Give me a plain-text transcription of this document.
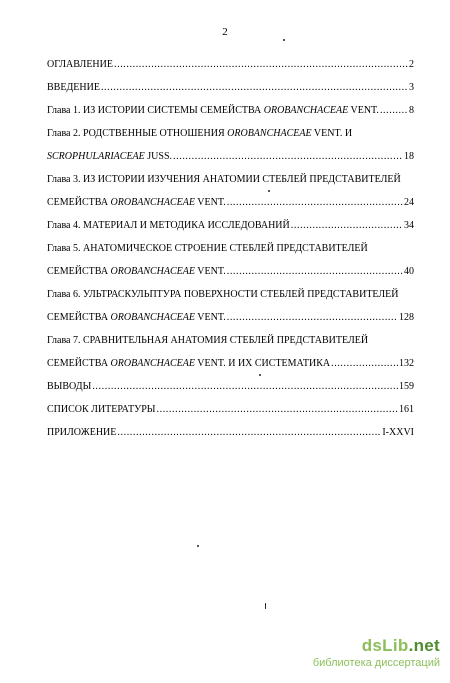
2
ОГЛАВЛЕНИЕ .....	2
ВВЕДЕНИЕ .....	3
Глава 1. ИЗ ИСТОРИИ СИСТЕМЫ СЕМЕЙСТВА OROBANCHACEAE VENT. .....	8
Глава 2. РОДСТВЕННЫЕ ОТНОШЕНИЯ OROBANCHACEAE VENT. И
SCROPHULARIACEAE JUSS. .....	18
Глава 3. ИЗ ИСТОРИИ ИЗУЧЕНИЯ АНАТОМИИ СТЕБЛЕЙ ПРЕДСТАВИТЕЛЕЙ
СЕМЕЙСТВА OROBANCHACEAE VENT. .....	24
Глава 4. МАТЕРИАЛ И МЕТОДИКА ИССЛЕДОВАНИЙ .....	34
Глава 5. АНАТОМИЧЕСКОЕ СТРОЕНИЕ СТЕБЛЕЙ ПРЕДСТАВИТЕЛЕЙ
СЕМЕЙСТВА OROBANCHACEAE VENT. .....	40
Глава 6. УЛЬТРАСКУЛЬПТУРА ПОВЕРХНОСТИ СТЕБЛЕЙ ПРЕДСТАВИТЕЛЕЙ
СЕМЕЙСТВА OROBANCHACEAE VENT. .....	128
Глава 7. СРАВНИТЕЛЬНАЯ АНАТОМИЯ СТЕБЛЕЙ ПРЕДСТАВИТЕЛЕЙ
СЕМЕЙСТВА OROBANCHACEAE VENT. И ИХ СИСТЕМАТИКА .....	132
ВЫВОДЫ .....	159
СПИСОК ЛИТЕРАТУРЫ .....	161
ПРИЛОЖЕНИЕ .....	I-XXVI
dsLib.net
библиотека диссертаций
